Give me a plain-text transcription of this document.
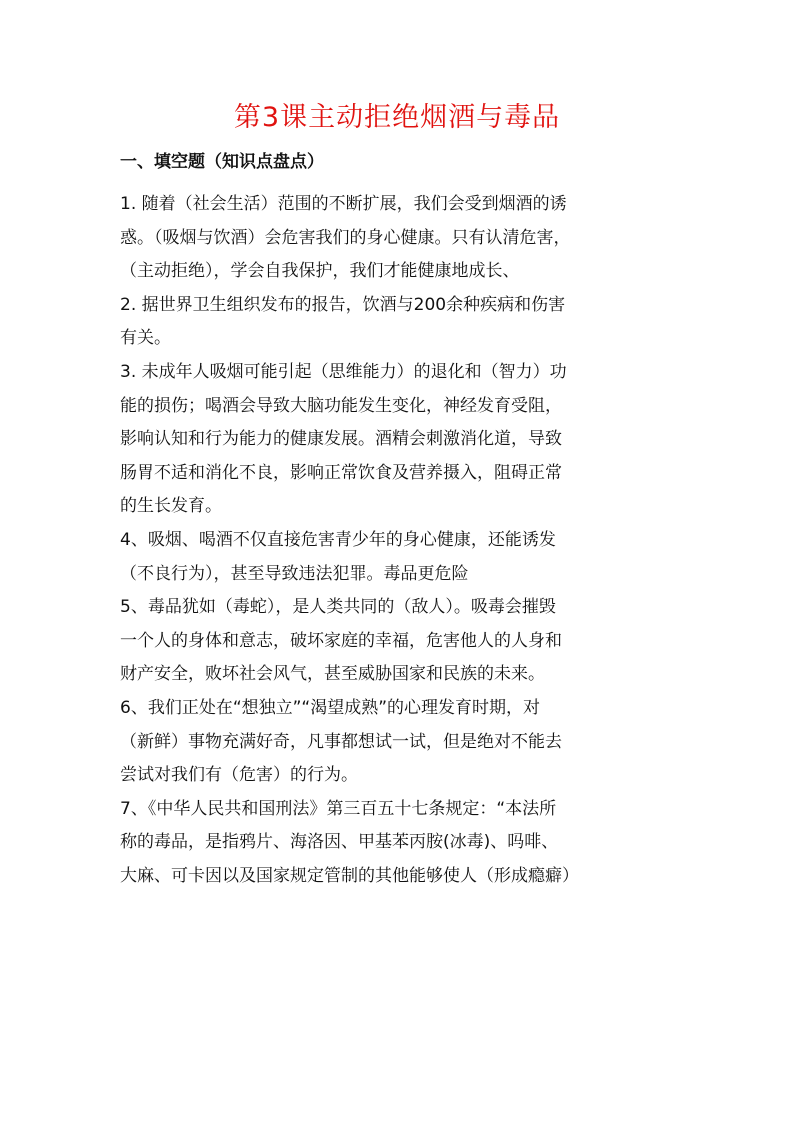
第3课主动拒绝烟酒与毒品
一、填空题（知识点盘点）

1. 随着（社会生活）范围的不断扩展，我们会受到烟酒的诱
惑。（吸烟与饮酒）会危害我们的身心健康。只有认清危害，
（主动拒绝），学会自我保护，我们才能健康地成长、

2. 据世界卫生组织发布的报告，饮酒与200余种疾病和伤害
有关。

3. 未成年人吸烟可能引起（思维能力）的退化和（智力）功
能的损伤；喝酒会导致大脑功能发生变化，神经发育受阻，
影响认知和行为能力的健康发展。酒精会刺激消化道，导致
肠胃不适和消化不良，影响正常饮食及营养摄入，阻碍正常
的生长发育。

4、吸烟、喝酒不仅直接危害青少年的身心健康，还能诱发
（不良行为），甚至导致违法犯罪。毒品更危险

5、毒品犹如（毒蛇），是人类共同的（敌人）。吸毒会摧毁
一个人的身体和意志，破坏家庭的幸福，危害他人的人身和
财产安全，败坏社会风气，甚至威胁国家和民族的未来。

6、我们正处在“想独立”“渴望成熟”的心理发育时期，对
（新鲜）事物充满好奇，凡事都想试一试，但是绝对不能去
尝试对我们有（危害）的行为。

7、《中华人民共和国刑法》第三百五十七条规定：“本法所
称的毒品，是指鸦片、海洛因、甲基苯丙胺(冰毒)、吗啡、
大麻、可卡因以及国家规定管制的其他能够使人（形成瘾癖）
